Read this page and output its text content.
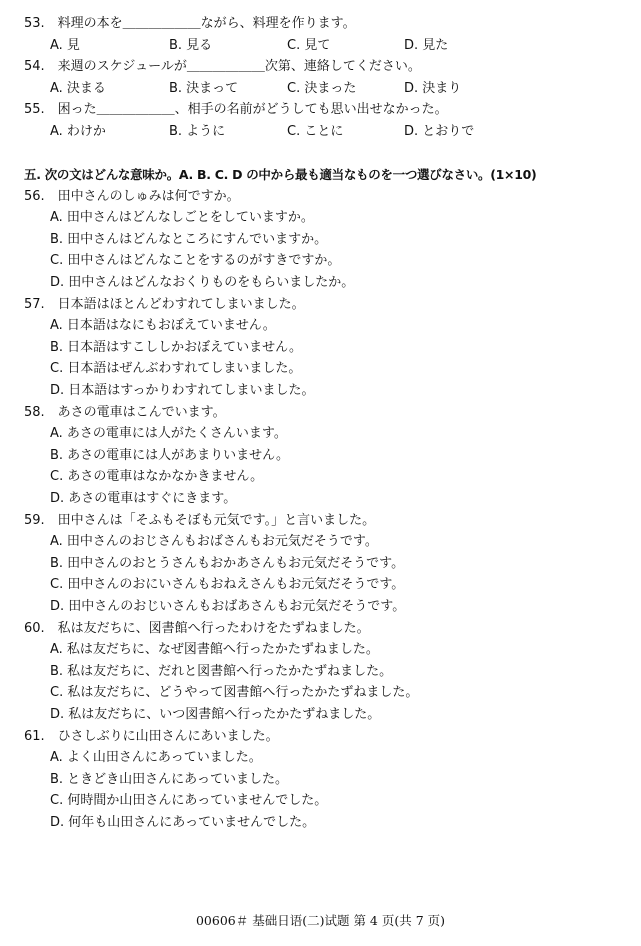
53.　料理の本を＿＿＿＿＿＿ながら、料理を作ります。
A. 見	B. 見る	C. 見て	D. 見た
54.　来週のスケジュールが＿＿＿＿＿＿次第、連絡してください。
A. 決まる	B. 決まって	C. 決まった	D. 決まり
55.　困った＿＿＿＿＿＿、相手の名前がどうしても思い出せなかった。
A. わけか	B. ように	C. ことに	D. とおりで
五. 次の文はどんな意味か。A. B. C. D の中から最も適当なものを一つ選びなさい。(1×10)
56.　田中さんのしゅみは何ですか。
A. 田中さんはどんなしごとをしていますか。
B. 田中さんはどんなところにすんでいますか。
C. 田中さんはどんなことをするのがすきですか。
D. 田中さんはどんなおくりものをもらいましたか。
57.　日本語はほとんどわすれてしまいました。
A. 日本語はなにもおぼえていません。
B. 日本語はすこししかおぼえていません。
C. 日本語はぜんぶわすれてしまいました。
D. 日本語はすっかりわすれてしまいました。
58.　あさの電車はこんでいます。
A. あさの電車には人がたくさんいます。
B. あさの電車には人があまりいません。
C. あさの電車はなかなかきません。
D. あさの電車はすぐにきます。
59.　田中さんは「そふもそぼも元気です。」と言いました。
A. 田中さんのおじさんもおばさんもお元気だそうです。
B. 田中さんのおとうさんもおかあさんもお元気だそうです。
C. 田中さんのおにいさんもおねえさんもお元気だそうです。
D. 田中さんのおじいさんもおばあさんもお元気だそうです。
60.　私は友だちに、図書館へ行ったわけをたずねました。
A. 私は友だちに、なぜ図書館へ行ったかたずねました。
B. 私は友だちに、だれと図書館へ行ったかたずねました。
C. 私は友だちに、どうやって図書館へ行ったかたずねました。
D. 私は友だちに、いつ図書館へ行ったかたずねました。
61.　ひさしぶりに山田さんにあいました。
A. よく山田さんにあっていました。
B. ときどき山田さんにあっていました。
C. 何時間か山田さんにあっていませんでした。
D. 何年も山田さんにあっていませんでした。
00606＃ 基础日语(二)试题 第 4 页(共 7 页)
